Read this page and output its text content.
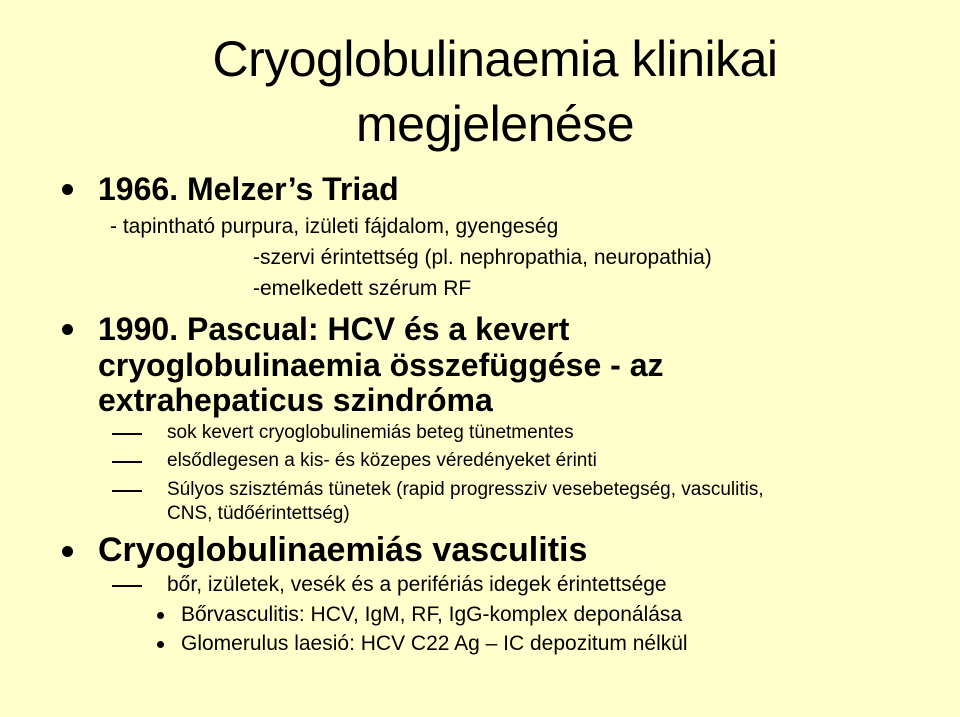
Cryoglobulinaemia klinikai
megjelenése
1966. Melzer’s Triad
- tapintható purpura, izületi fájdalom, gyengeség
-szervi érintettség (pl. nephropathia, neuropathia)
-emelkedett szérum RF
1990. Pascual: HCV és a kevert
cryoglobulinaemia összefüggése - az
extrahepaticus szindróma
sok kevert cryoglobulinemiás beteg tünetmentes
elsődlegesen a kis- és közepes véredényeket érinti
Súlyos szisztémás tünetek (rapid progressziv vesebetegség, vasculitis,
CNS, tüdőérintettség)
Cryoglobulinaemiás vasculitis
bőr, izületek, vesék és a perifériás idegek érintettsége
Bőrvasculitis: HCV, IgM, RF, IgG-komplex deponálása
Glomerulus laesió: HCV C22 Ag – IC depozitum nélkül
